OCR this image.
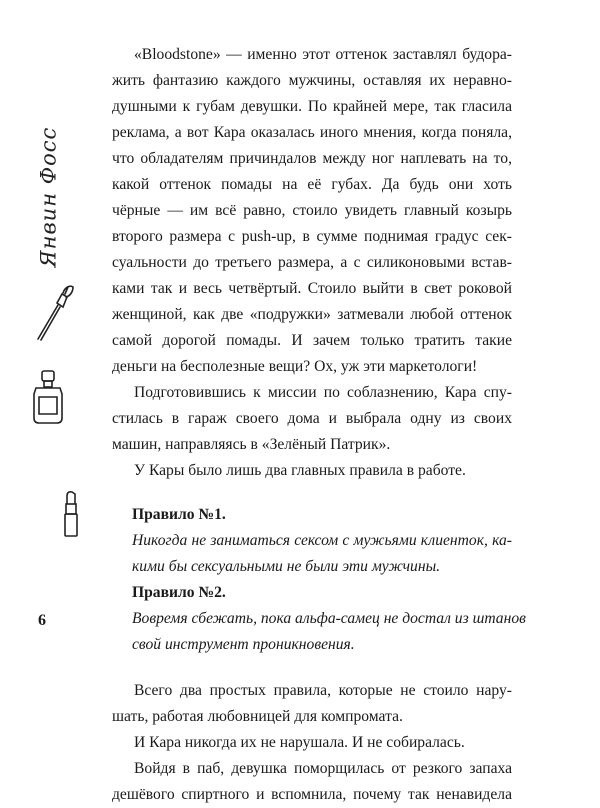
Янвин Фосс
6

«Bloodstone» — именно этот оттенок заставлял будора-

жить фантазию каждого мужчины, оставляя их неравно-

душными к губам девушки. По крайней мере, так гласила

реклама, а вот Кара оказалась иного мнения, когда поняла,

что обладателям причиндалов между ног наплевать на то,

какой оттенок помады на её губах. Да будь они хоть

чёрные — им всё равно, стоило увидеть главный козырь

второго размера с push-up, в сумме поднимая градус сек-

суальности до третьего размера, а с силиконовыми встав-

ками так и весь четвёртый. Стоило выйти в свет роковой

женщиной, как две «подружки» затмевали любой оттенок

самой дорогой помады. И зачем только тратить такие

деньги на бесполезные вещи? Ох, уж эти маркетологи!

Подготовившись к миссии по соблазнению, Кара спу-

стилась в гараж своего дома и выбрала одну из своих

машин, направляясь в «Зелёный Патрик».

У Кары было лишь два главных правила в работе.

Правило №1.

Никогда не заниматься сексом с мужьями клиенток, ка-

кими бы сексуальными не были эти мужчины.

Правило №2.

Вовремя сбежать, пока альфа-самец не достал из штанов

свой инструмент проникновения.

Всего два простых правила, которые не стоило нару-

шать, работая любовницей для компромата.

И Кара никогда их не нарушала. И не собиралась.

Войдя в паб, девушка поморщилась от резкого запаха

дешёвого спиртного и вспомнила, почему так ненавидела
